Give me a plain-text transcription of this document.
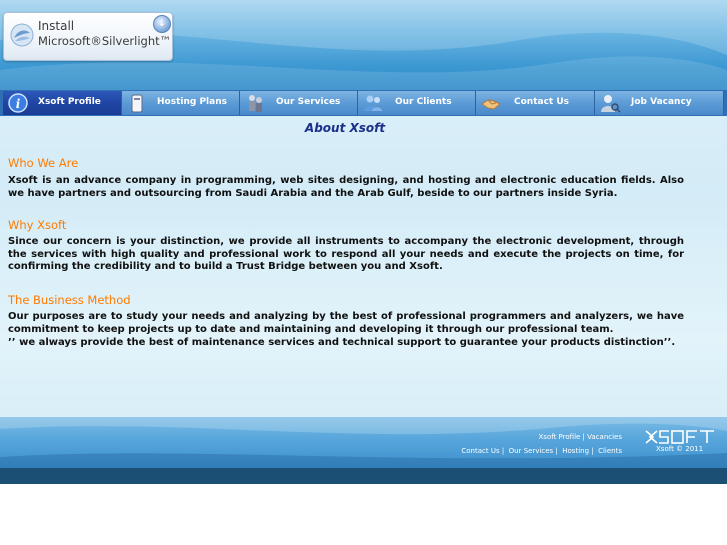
Install
Microsoft®Silverlight™
↓
i Xsoft Profile	Hosting Plans	Our Services	Our Clients	Contact Us	Job Vacancy
About Xsoft
Who We Are

Xsoft is an advance company in programming, web sites designing, and hosting and electronic education fields. Also we have partners and outsourcing from Saudi Arabia and the Arab Gulf, beside to our partners inside Syria.

Why Xsoft

Since our concern is your distinction, we provide all instruments to accompany the electronic development, through the services with high quality and professional work to respond all your needs and execute the projects on time, for confirming the credibility and to build a Trust Bridge between you and Xsoft.

The Business Method

Our purposes are to study your needs and analyzing by the best of professional programmers and analyzers, we have commitment to keep projects up to date and maintaining and developing it through our professional team.

’’ we always provide the best of maintenance services and technical support to guarantee your products distinction’’.

Xsoft Profile | Vacancies
Contact Us |  Our Services |  Hosting |  Clients	Xsoft © 2011
